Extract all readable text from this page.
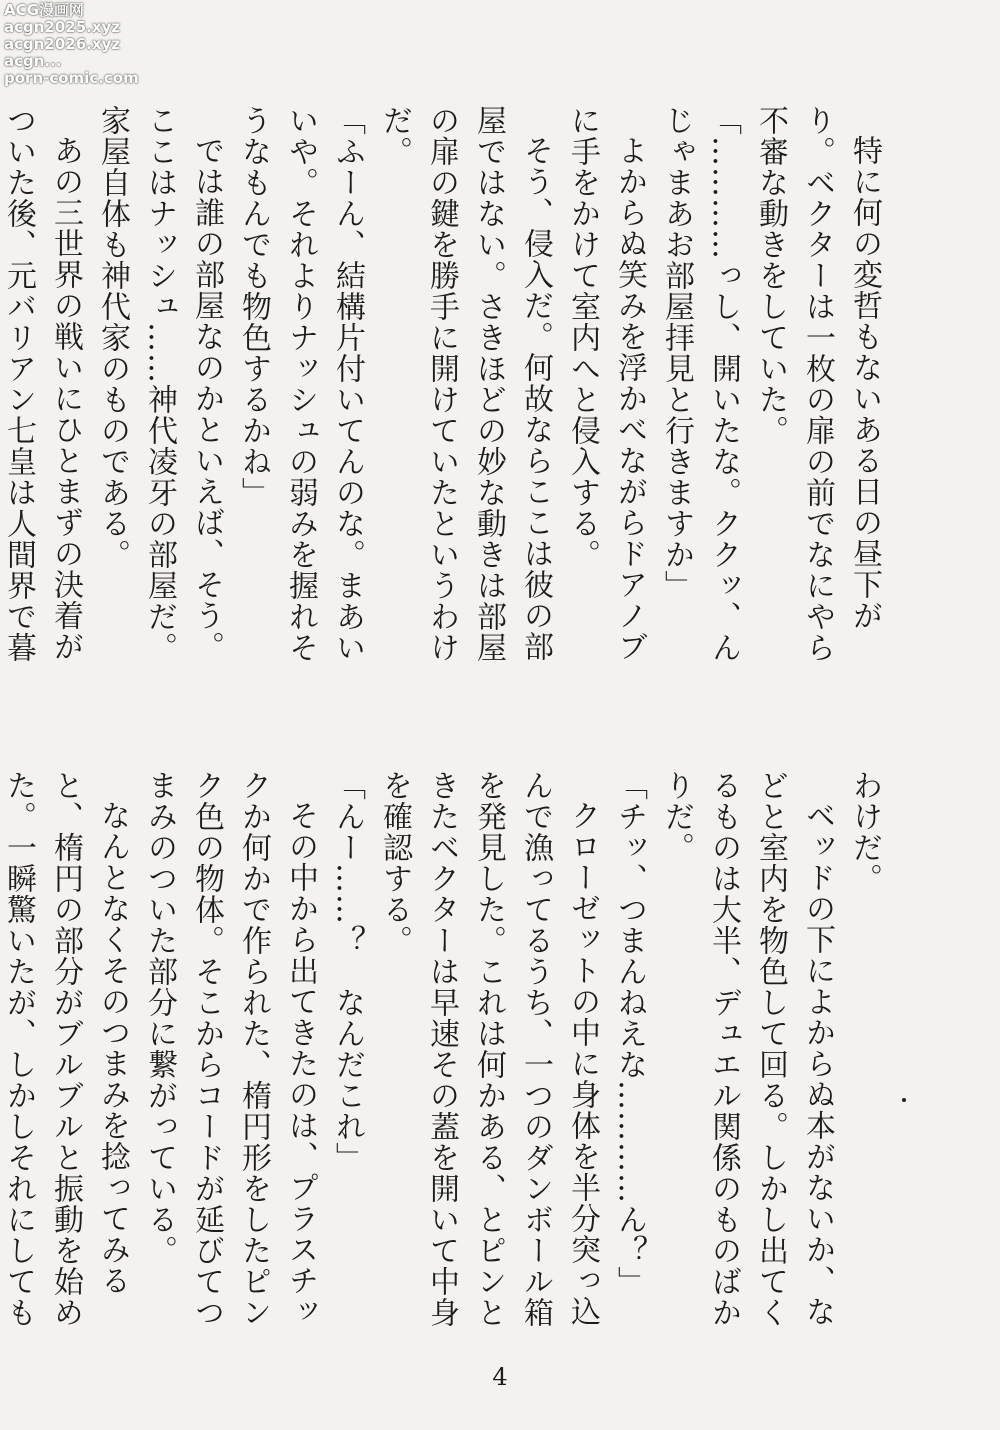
ACG漫画网
acgn2025.xyz
acgn2026.xyz
acgn...
porn-comic.com

特に何の変哲もないある日の昼下がり。ベクターは一枚の扉の前でなにやら不審な動きをしていた。

「…………っし、開いたな。ククッ、んじゃまあお部屋拝見と行きますか」

よからぬ笑みを浮かべながらドアノブに手をかけて室内へと侵入する。

そう、侵入だ。何故ならここは彼の部屋ではない。さきほどの妙な動きは部屋の扉の鍵を勝手に開けていたというわけだ。

「ふーん、結構片付いてんのな。まあいいや。それよりナッシュの弱みを握れそうなもんでも物色するかね」

では誰の部屋なのかといえば、そう。ここはナッシュ……神代凌牙の部屋だ。家屋自体も神代家のものである。

あの三世界の戦いにひとまずの決着がついた後、元バリアン七皇は人間界で暮

わけだ。

ベッドの下によからぬ本がないか、などと室内を物色して回る。しかし出てくるものは大半、デュエル関係のものばかりだ。

「チッ、つまんねえな…………ん？」

クローゼットの中に身体を半分突っ込んで漁ってるうち、一つのダンボール箱を発見した。これは何かある、とピンときたベクターは早速その蓋を開いて中身を確認する。

「んー……？　なんだこれ」

その中から出てきたのは、プラスチックか何かで作られた、楕円形をしたピンク色の物体。そこからコードが延びてつまみのついた部分に繋がっている。

なんとなくそのつまみを捻ってみると、楕円の部分がブルブルと振動を始めた。一瞬驚いたが、しかしそれにしても

4
